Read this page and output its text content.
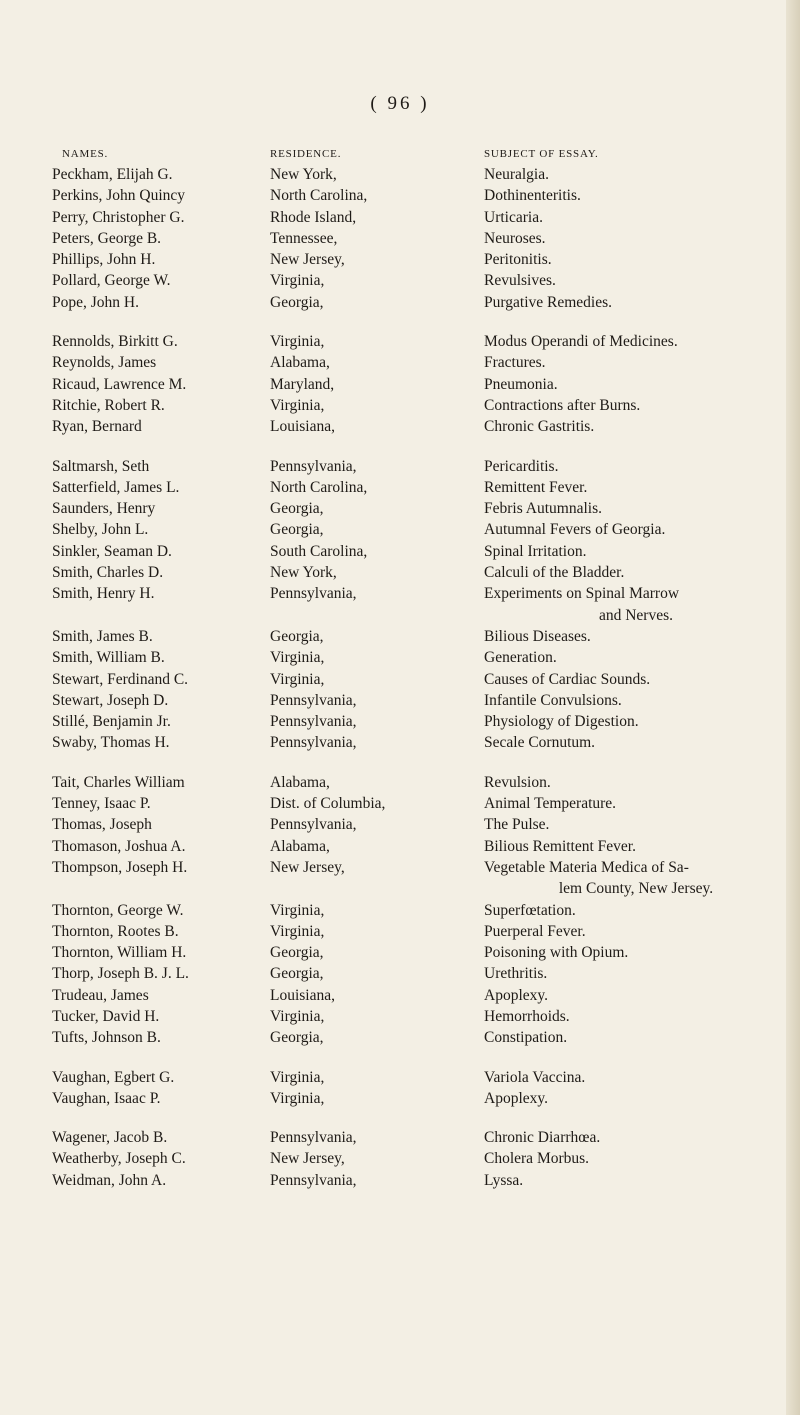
( 96 )
NAMES.	RESIDENCE.	SUBJECT OF ESSAY.
Peckham, Elijah G.	New York,	Neuralgia.
Perkins, John Quincy	North Carolina,	Dothinenteritis.
Perry, Christopher G.	Rhode Island,	Urticaria.
Peters, George B.	Tennessee,	Neuroses.
Phillips, John H.	New Jersey,	Peritonitis.
Pollard, George W.	Virginia,	Revulsives.
Pope, John H.	Georgia,	Purgative Remedies.
Rennolds, Birkitt G.	Virginia,	Modus Operandi of Medicines.
Reynolds, James	Alabama,	Fractures.
Ricaud, Lawrence M.	Maryland,	Pneumonia.
Ritchie, Robert R.	Virginia,	Contractions after Burns.
Ryan, Bernard	Louisiana,	Chronic Gastritis.
Saltmarsh, Seth	Pennsylvania,	Pericarditis.
Satterfield, James L.	North Carolina,	Remittent Fever.
Saunders, Henry	Georgia,	Febris Autumnalis.
Shelby, John L.	Georgia,	Autumnal Fevers of Georgia.
Sinkler, Seaman D.	South Carolina,	Spinal Irritation.
Smith, Charles D.	New York,	Calculi of the Bladder.
Smith, Henry H.	Pennsylvania,	Experiments on Spinal Marrow
and Nerves.
Smith, James B.	Georgia,	Bilious Diseases.
Smith, William B.	Virginia,	Generation.
Stewart, Ferdinand C.	Virginia,	Causes of Cardiac Sounds.
Stewart, Joseph D.	Pennsylvania,	Infantile Convulsions.
Stillé, Benjamin Jr.	Pennsylvania,	Physiology of Digestion.
Swaby, Thomas H.	Pennsylvania,	Secale Cornutum.
Tait, Charles William	Alabama,	Revulsion.
Tenney, Isaac P.	Dist. of Columbia,	Animal Temperature.
Thomas, Joseph	Pennsylvania,	The Pulse.
Thomason, Joshua A.	Alabama,	Bilious Remittent Fever.
Thompson, Joseph H.	New Jersey,	Vegetable Materia Medica of Sa-
lem County, New Jersey.
Thornton, George W.	Virginia,	Superfœtation.
Thornton, Rootes B.	Virginia,	Puerperal Fever.
Thornton, William H.	Georgia,	Poisoning with Opium.
Thorp, Joseph B. J. L.	Georgia,	Urethritis.
Trudeau, James	Louisiana,	Apoplexy.
Tucker, David H.	Virginia,	Hemorrhoids.
Tufts, Johnson B.	Georgia,	Constipation.
Vaughan, Egbert G.	Virginia,	Variola Vaccina.
Vaughan, Isaac P.	Virginia,	Apoplexy.
Wagener, Jacob B.	Pennsylvania,	Chronic Diarrhœa.
Weatherby, Joseph C.	New Jersey,	Cholera Morbus.
Weidman, John A.	Pennsylvania,	Lyssa.
